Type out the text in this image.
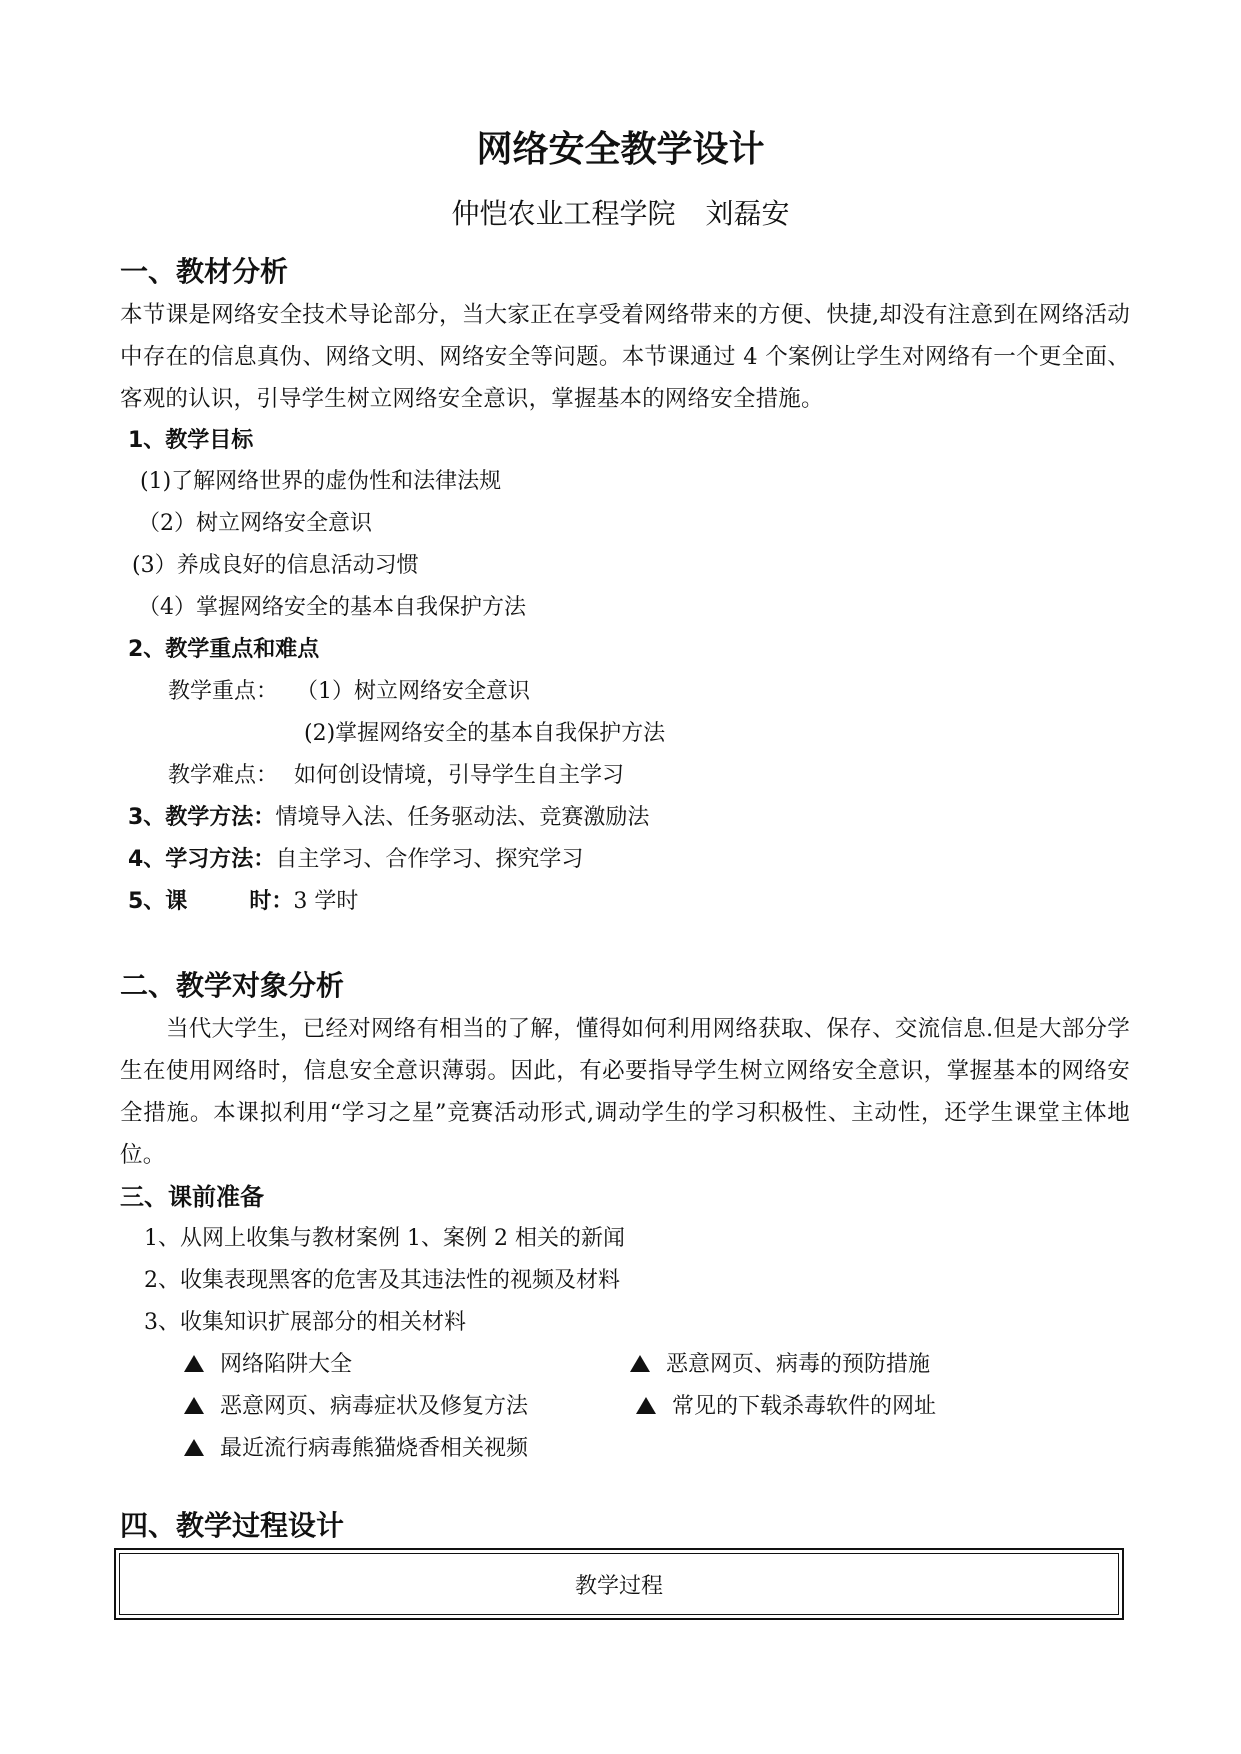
网络安全教学设计
仲恺农业工程学院 刘磊安
一、教材分析
本节课是网络安全技术导论部分，当大家正在享受着网络带来的方便、快捷,却没有注意到在网络活动中存在的信息真伪、网络文明、网络安全等问题。本节课通过 4 个案例让学生对网络有一个更全面、客观的认识，引导学生树立网络安全意识，掌握基本的网络安全措施。
1、教学目标
(1)了解网络世界的虚伪性和法律法规
（2）树立网络安全意识
(3）养成良好的信息活动习惯
（4）掌握网络安全的基本自我保护方法
2、教学重点和难点
教学重点： （1）树立网络安全意识
(2)掌握网络安全的基本自我保护方法
教学难点： 如何创设情境，引导学生自主学习
3、教学方法：情境导入法、任务驱动法、竞赛激励法
4、学习方法：自主学习、合作学习、探究学习
5、课	时：3 学时
二、教学对象分析
当代大学生，已经对网络有相当的了解，懂得如何利用网络获取、保存、交流信息.但是大部分学生在使用网络时，信息安全意识薄弱。因此，有必要指导学生树立网络安全意识，掌握基本的网络安全措施。本课拟利用“学习之星”竞赛活动形式,调动学生的学习积极性、主动性，还学生课堂主体地位。
三、课前准备
1、从网上收集与教材案例 1、案例 2 相关的新闻
2、收集表现黑客的危害及其违法性的视频及材料
3、收集知识扩展部分的相关材料
网络陷阱大全	恶意网页、病毒的预防措施
恶意网页、病毒症状及修复方法	常见的下载杀毒软件的网址
最近流行病毒熊猫烧香相关视频
四、教学过程设计
教学过程
